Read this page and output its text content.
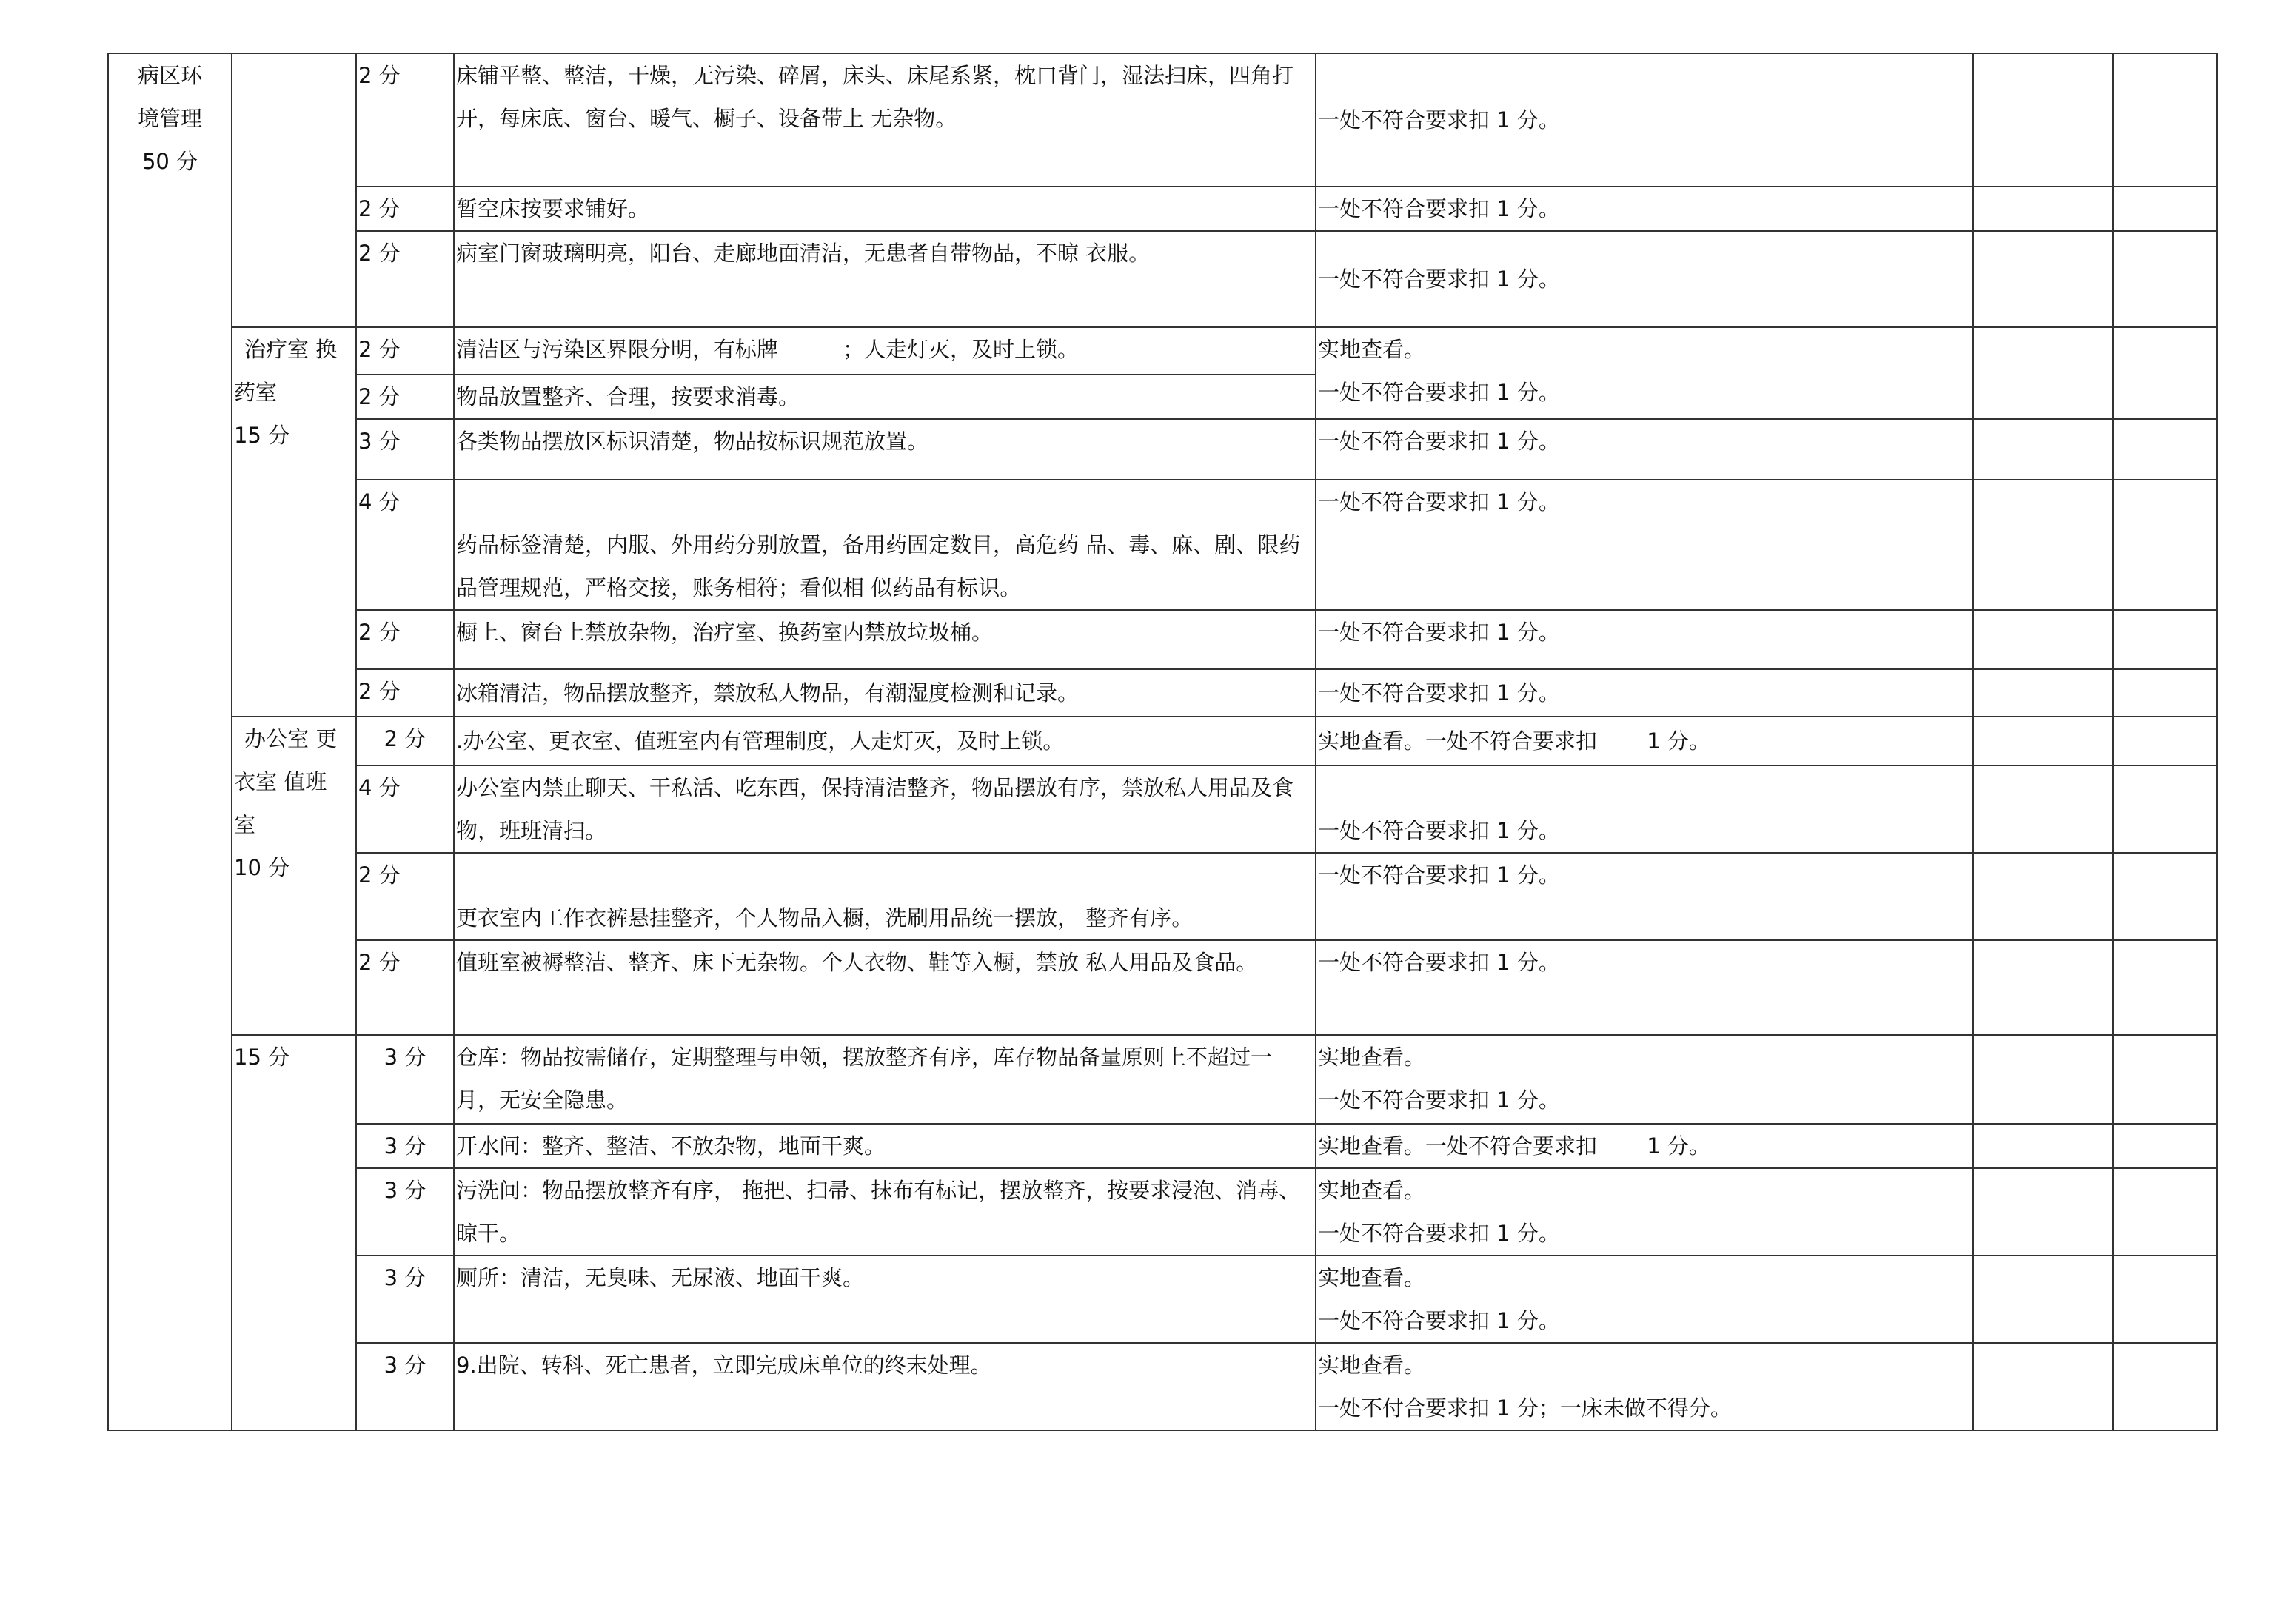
病区环
境管理
50 分		2 分	床铺平整、整洁，干燥，无污染、碎屑，床头、床尾系紧，枕口背门，湿法扫床，四角打开，每床底、窗台、暖气、橱子、设备带上 无杂物。	一处不符合要求扣 1 分。		

		2 分	暂空床按要求铺好。	一处不符合要求扣 1 分。		

		2 分	病室门窗玻璃明亮，阳台、走廊地面清洁，无患者自带物品，不晾 衣服。	一处不符合要求扣 1 分。		

	治疗室 换
药室
15 分	2 分	清洁区与污染区界限分明，有标牌　　　；人走灯灭，及时上锁。	实地查看。
一处不符合要求扣 1 分。		

		2 分	物品放置整齐、合理，按要求消毒。			
		3 分	各类物品摆放区标识清楚，物品按标识规范放置。	一处不符合要求扣 1 分。		

		4 分	药品标签清楚，内服、外用药分别放置，备用药固定数目，高危药 品、毒、麻、剧、限药品管理规范，严格交接，账务相符；看似相 似药品有标识。	一处不符合要求扣 1 分。		

		2 分	橱上、窗台上禁放杂物，治疗室、换药室内禁放垃圾桶。	一处不符合要求扣 1 分。		

		2 分	冰箱清洁，物品摆放整齐，禁放私人物品，有潮湿度检测和记录。	一处不符合要求扣 1 分。		

	办公室 更
衣室 值班
室
10 分	2 分	.办公室、更衣室、值班室内有管理制度，人走灯灭，及时上锁。	实地查看。一处不符合要求扣　　 1 分。		

		4 分	办公室内禁止聊天、干私活、吃东西，保持清洁整齐，物品摆放有序，禁放私人用品及食物，班班清扫。	一处不符合要求扣 1 分。		

		2 分	更衣室内工作衣裤悬挂整齐，个人物品入橱，洗刷用品统一摆放， 整齐有序。	一处不符合要求扣 1 分。		

		2 分	值班室被褥整洁、整齐、床下无杂物。个人衣物、鞋等入橱，禁放 私人用品及食品。	一处不符合要求扣 1 分。		

	15 分	3 分	仓库：物品按需储存，定期整理与申领，摆放整齐有序，库存物品备量原则上不超过一月，无安全隐患。	实地查看。
一处不符合要求扣 1 分。		

		3 分	开水间：整齐、整洁、不放杂物，地面干爽。	实地查看。一处不符合要求扣　　 1 分。		

		3 分	污洗间：物品摆放整齐有序， 拖把、扫帚、抹布有标记，摆放整齐，按要求浸泡、消毒、晾干。	实地查看。
一处不符合要求扣 1 分。		

		3 分	厕所：清洁，无臭味、无尿液、地面干爽。	实地查看。
一处不符合要求扣 1 分。		

		3 分	9.出院、转科、死亡患者，立即完成床单位的终末处理。	实地查看。
一处不付合要求扣 1 分；一床未做不得分。		
